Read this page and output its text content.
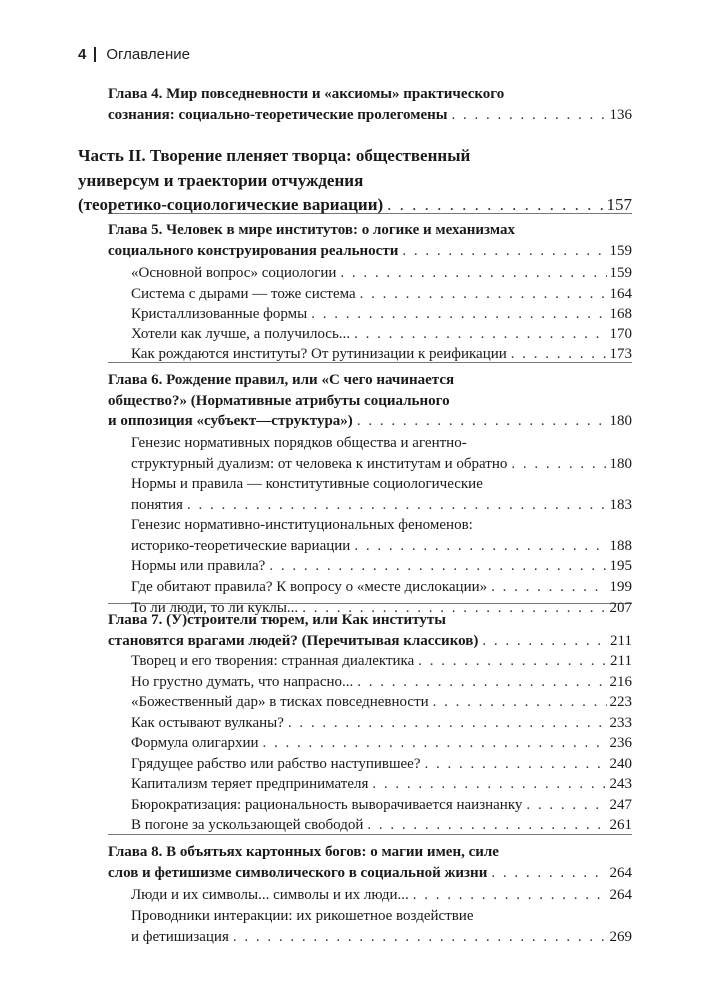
4 Оглавление
Глава 4. Мир повседневности и «аксиомы» практического
сознания: социально-теоретические пролегомены . . .	136
Часть II. Творение пленяет творца: общественный
универсум и траектории отчуждения
(теоретико-социологические вариации) . . .	157
Глава 5. Человек в мире институтов: о логике и механизмах
социального конструирования реальности . . .	159
«Основной вопрос» социологии . . .	159
Система с дырами — тоже система . . .	164
Кристаллизованные формы . . .	168
Хотели как лучше, а получилось... . . .	170
Как рождаются институты? От рутинизации к реификации . . .	173
Глава 6. Рождение правил, или «С чего начинается
общество?» (Нормативные атрибуты социального
и оппозиция «субъект—структура») . . .	180
Генезис нормативных порядков общества и агентно-
структурный дуализм: от человека к институтам и обратно . . .	180
Нормы и правила — конститутивные социологические
понятия . . .	183
Генезис нормативно-институциональных феноменов:
историко-теоретические вариации . . .	188
Нормы или правила? . . .	195
Где обитают правила? К вопросу о «месте дислокации» . . .	199
То ли люди, то ли куклы... . . .	207
Глава 7. (У)строители тюрем, или Как институты
становятся врагами людей? (Перечитывая классиков) . . .	211
Творец и его творения: странная диалектика . . .	211
Но грустно думать, что напрасно... . . .	216
«Божественный дар» в тисках повседневности . . .	223
Как остывают вулканы? . . .	233
Формула олигархии . . .	236
Грядущее рабство или рабство наступившее? . . .	240
Капитализм теряет предпринимателя . . .	243
Бюрократизация: рациональность выворачивается наизнанку . . .	247
В погоне за ускользающей свободой . . .	261
Глава 8. В объятьях картонных богов: о магии имен, силе
слов и фетишизме символического в социальной жизни . . .	264
Люди и их символы... символы и их люди... . . .	264
Проводники интеракции: их рикошетное воздействие
и фетишизация . . .	269
